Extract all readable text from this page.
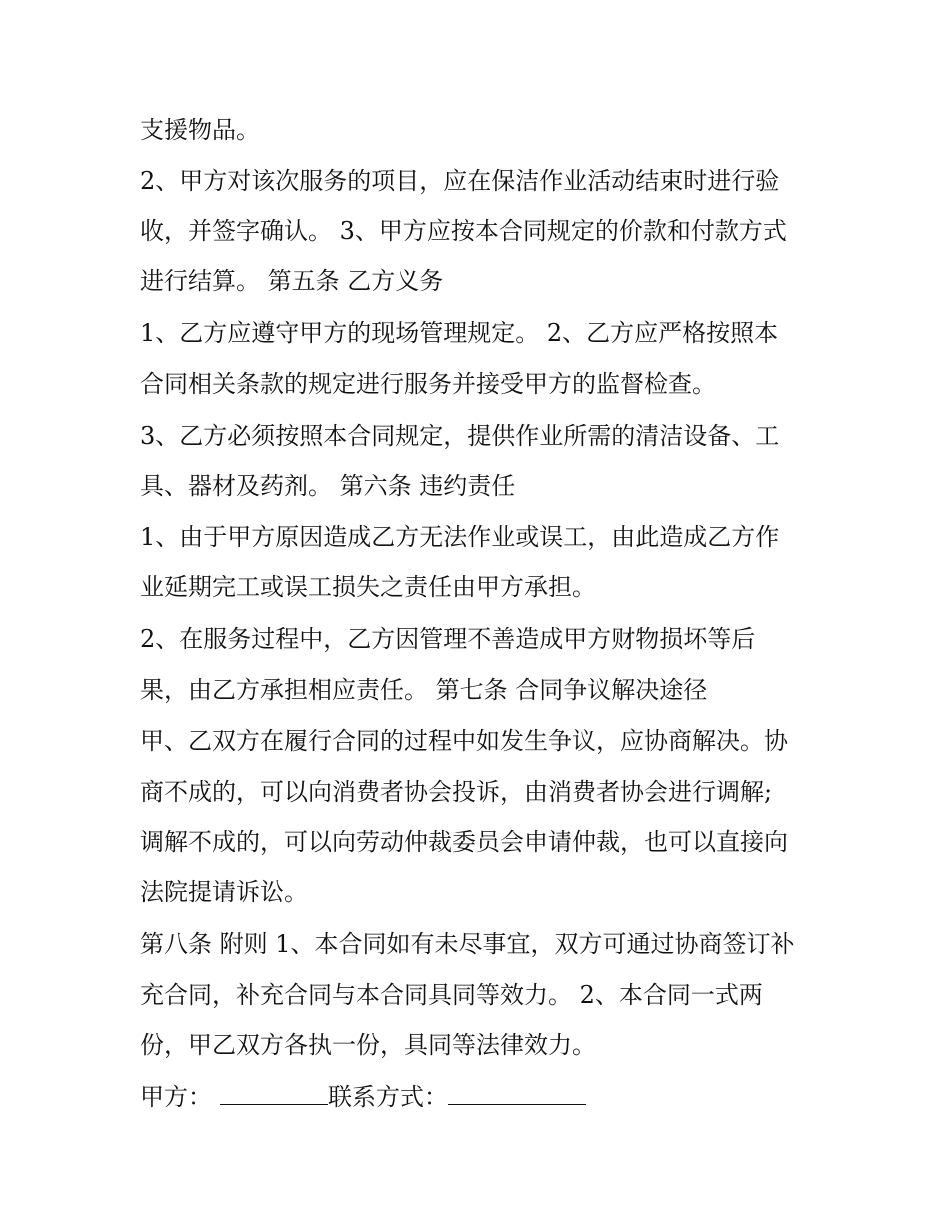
支援物品。
2、甲方对该次服务的项目，应在保洁作业活动结束时进行验
收，并签字确认。 3、甲方应按本合同规定的价款和付款方式
进行结算。 第五条 乙方义务
1、乙方应遵守甲方的现场管理规定。 2、乙方应严格按照本
合同相关条款的规定进行服务并接受甲方的监督检查。
3、乙方必须按照本合同规定，提供作业所需的清洁设备、工
具、器材及药剂。 第六条 违约责任
1、由于甲方原因造成乙方无法作业或误工，由此造成乙方作
业延期完工或误工损失之责任由甲方承担。
2、在服务过程中，乙方因管理不善造成甲方财物损坏等后
果，由乙方承担相应责任。 第七条 合同争议解决途径
甲、乙双方在履行合同的过程中如发生争议，应协商解决。协
商不成的，可以向消费者协会投诉，由消费者协会进行调解;
调解不成的，可以向劳动仲裁委员会申请仲裁，也可以直接向
法院提请诉讼。
第八条 附则 1、本合同如有未尽事宜，双方可通过协商签订补
充合同，补充合同与本合同具同等效力。 2、本合同一式两
份，甲乙双方各执一份，具同等法律效力。
甲方：	联系方式：
